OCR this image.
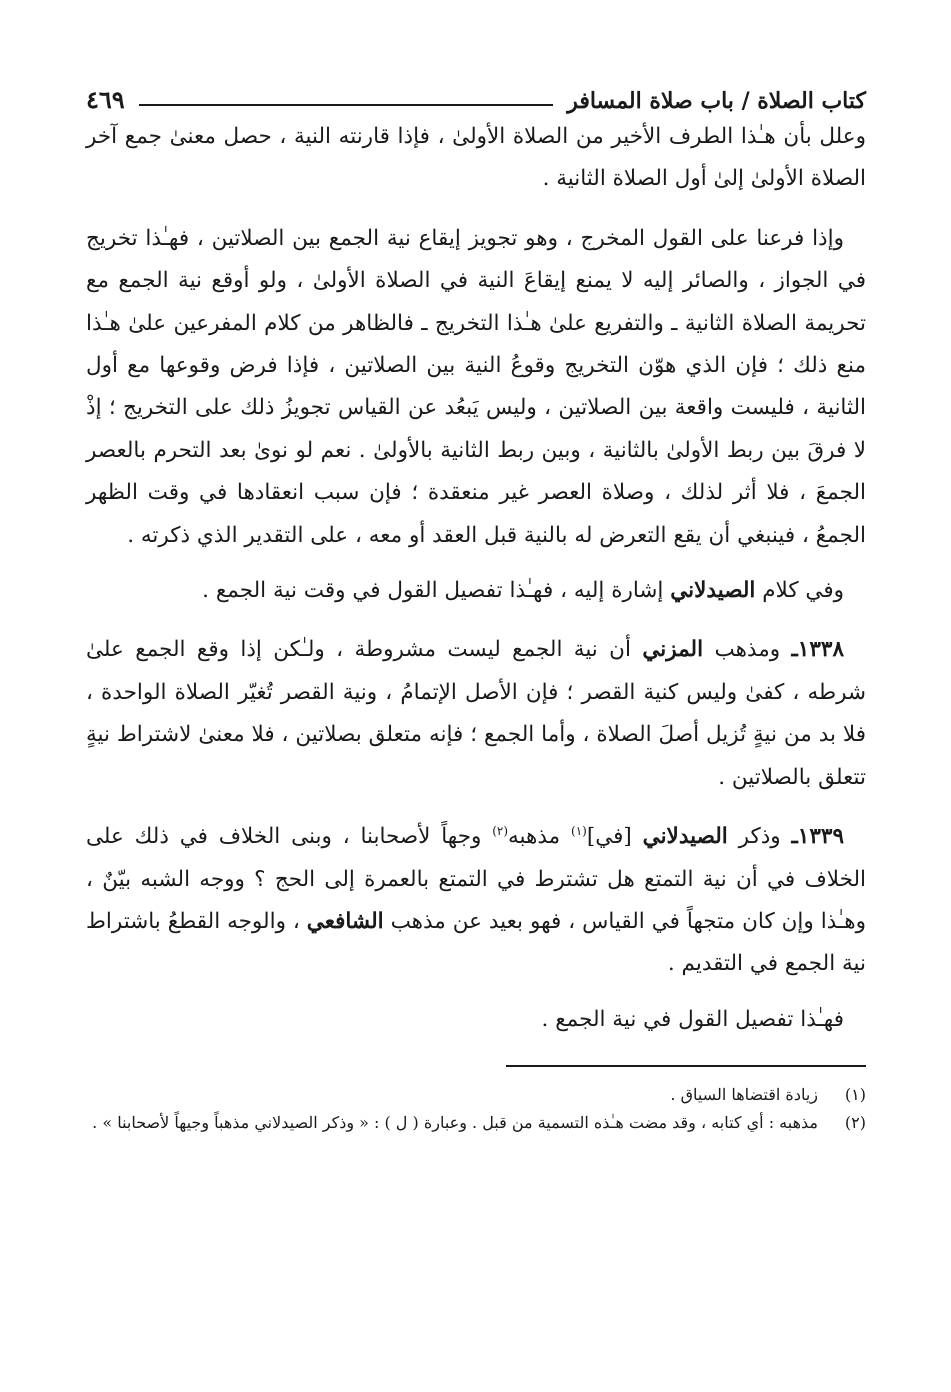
كتاب الصلاة / باب صلاة المسافر
٤٦٩

وعلل بأن هـٰذا الطرف الأخير من الصلاة الأولىٰ ، فإذا قارنته النية ، حصل معنىٰ جمع آخر الصلاة الأولىٰ إلىٰ أول الصلاة الثانية .

وإذا فرعنا على القول المخرج ، وهو تجويز إيقاع نية الجمع بين الصلاتين ، فهـٰذا تخريج في الجواز ، والصائر إليه لا يمنع إيقاعَ النية في الصلاة الأولىٰ ، ولو أوقع نية الجمع مع تحريمة الصلاة الثانية ـ والتفريع علىٰ هـٰذا التخريج ـ فالظاهر من كلام المفرعين علىٰ هـٰذا منع ذلك ؛ فإن الذي هوّن التخريج وقوعُ النية بين الصلاتين ، فإذا فرض وقوعها مع أول الثانية ، فليست واقعة بين الصلاتين ، وليس يَبعُد عن القياس تجويزُ ذلك على التخريج ؛ إذْ لا فرقَ بين ربط الأولىٰ بالثانية ، وبين ربط الثانية بالأولىٰ . نعم لو نوىٰ بعد التحرم بالعصر الجمعَ ، فلا أثر لذلك ، وصلاة العصر غير منعقدة ؛ فإن سبب انعقادها في وقت الظهر الجمعُ ، فينبغي أن يقع التعرض له بالنية قبل العقد أو معه ، على التقدير الذي ذكرته .

وفي كلام الصيدلاني إشارة إليه ، فهـٰذا تفصيل القول في وقت نية الجمع .

١٣٣٨ـ ومذهب المزني أن نية الجمع ليست مشروطة ، ولـٰكن إذا وقع الجمع علىٰ شرطه ، كفىٰ وليس كنية القصر ؛ فإن الأصل الإتمامُ ، ونية القصر تُغيّر الصلاة الواحدة ، فلا بد من نيةٍ تُزيل أصلَ الصلاة ، وأما الجمع ؛ فإنه متعلق بصلاتين ، فلا معنىٰ لاشتراط نيةٍ تتعلق بالصلاتين .

١٣٣٩ـ وذكر الصيدلاني [في]$^{(١)}$ مذهبه$^{(٢)}$ وجهاً لأصحابنا ، وبنى الخلاف في ذلك على الخلاف في أن نية التمتع هل تشترط في التمتع بالعمرة إلى الحج ؟ ووجه الشبه بيّنٌ ، وهـٰذا وإن كان متجهاً في القياس ، فهو بعيد عن مذهب الشافعي ، والوجه القطعُ باشتراط نية الجمع في التقديم .

فهـٰذا تفصيل القول في نية الجمع .

(١)
زيادة اقتضاها السياق .

(٢)
مذهبه : أي كتابه ، وقد مضت هـٰذه التسمية من قبل . وعبارة ( ل ) : « وذكر الصيدلاني مذهباً وجيهاً لأصحابنا » .
